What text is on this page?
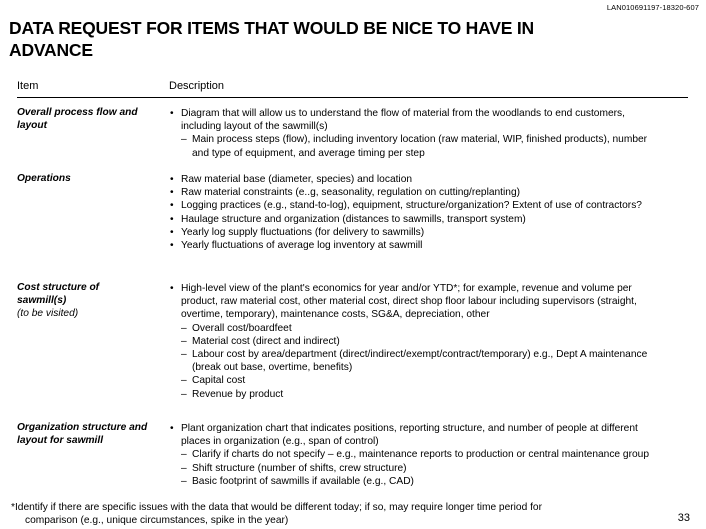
LAN010691197-18320-607
DATA REQUEST FOR ITEMS THAT WOULD BE NICE TO HAVE IN ADVANCE
Item	Description
Overall process flow and layout
• Diagram that will allow us to understand the flow of material from the woodlands to end customers,
including layout of the sawmill(s)
– Main process steps (flow), including inventory location (raw material, WIP, finished products), number
and type of equipment, and average timing per step
Operations
•	Raw material base (diameter, species) and location
• Raw material constraints (e..g, seasonality, regulation on cutting/replanting)
• Logging practices (e.g., stand-to-log), equipment, structure/organization? Extent of use of contractors?
• Haulage structure and organization (distances to sawmills, transport system)
• Yearly log supply fluctuations (for delivery to sawmills)
• Yearly fluctuations of average log inventory at sawmill
Cost structure of sawmill(s)
(to be visited)
• High-level view of the plant's economics for year and/or YTD*; for example, revenue and volume per
product, raw material cost, other material cost, direct shop floor labour including supervisors (straight,
overtime, temporary), maintenance costs, SG&A, depreciation, other
– Overall cost/boardfeet
– Material cost (direct and indirect)
– Labour cost by area/department (direct/indirect/exempt/contract/temporary) e.g., Dept A maintenance
(break out base, overtime, benefits)
– Capital cost
– Revenue by product
Organization structure and layout for sawmill
• Plant organization chart that indicates positions, reporting structure, and number of people at different
places in organization (e.g., span of control)
– Clarify if charts do not specify – e.g., maintenance reports to production or central maintenance group
– Shift structure (number of shifts, crew structure)
– Basic footprint of sawmills if available (e.g., CAD)
*Identify if there are specific issues with the data that would be different today; if so, may require longer time period for
comparison (e.g., unique circumstances, spike in the year)	33
